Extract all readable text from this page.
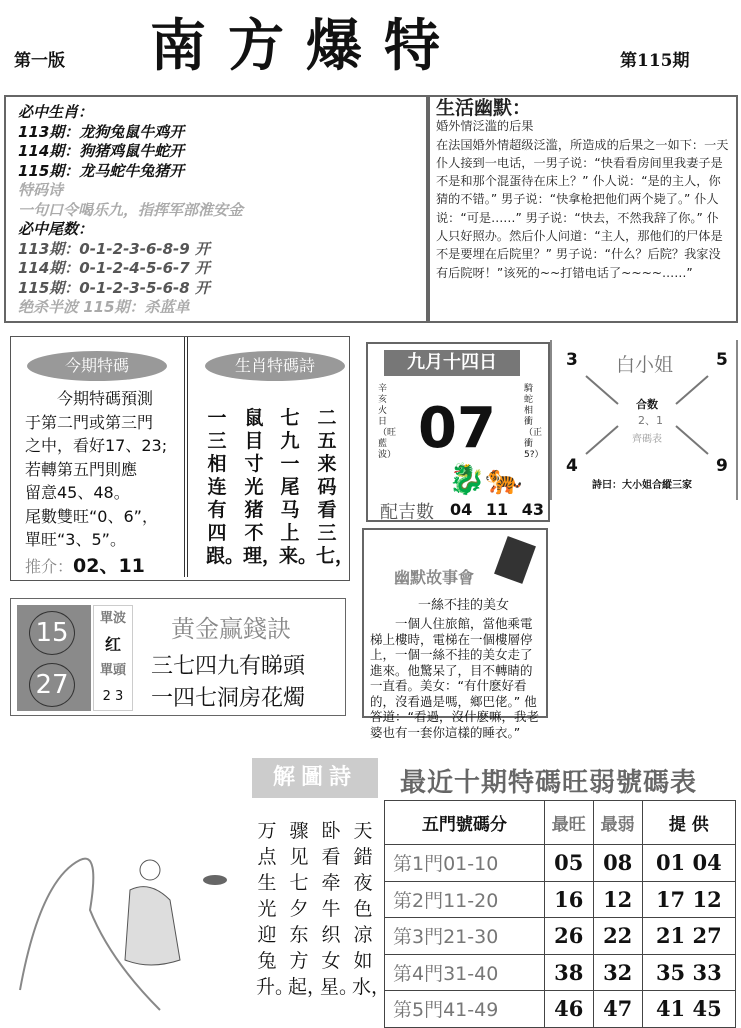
第一版 南方爆特	第115期
必中生肖：
113期：龙狗兔鼠牛鸡开
114期：狗猪鸡鼠牛蛇开
115期：龙马蛇牛兔猪开
特码诗
一句口令喝乐九，指挥军部淮安金
必中尾数：
113期：0-1-2-3-6-8-9 开
114期：0-1-2-4-5-6-7 开
115期：0-1-2-3-5-6-8 开
绝杀半波 115期：杀蓝单
生活幽默：
婚外情泛滥的后果
在法国婚外情超级泛滥，所造成的后果之一如下：一天仆人接到一电话，一男子说：“快看看房间里我妻子是不是和那个混蛋待在床上？” 仆人说：“是的主人，你猜的不错。” 男子说：“快拿枪把他们两个毙了。” 仆人说：“可是……” 男子说：“快去，不然我辞了你。” 仆人只好照办。然后仆人问道：“主人，那他们的尸体是不是要埋在后院里？” 男子说：“什么？后院？我家没有后院呀！”该死的~~打错电话了~~~~……”
今期特碼
今期特碼預測
于第二門或第三門
之中，看好17、23;
若轉第五門則應
留意45、48。
尾數雙旺“0、6”，
單旺“3、5”。
推介：02、11
生肖特碼詩
二五来码看三七，
七九一尾马上来。
鼠目寸光猪不理，
一三相连有四跟。
15
27
單波
红
單頭
2 3
黄金赢錢訣
三七四九有睇頭
一四七洞房花燭
九月十四日
辛亥火日（旺藍波）
騎蛇相衝（正衝5?）
07
🐉🐅
配吉數 04 11 43
幽默故事會
一絲不挂的美女
一個人住旅館，當他乘電梯上樓時，電梯在一個樓層停上，一個一絲不挂的美女走了進來。他驚呆了，目不轉睛的一直看。美女：“有什麽好看的，沒看過是嗎，鄉巴佬。” 他答道：“看過，沒什麽嘛，我老婆也有一套你這樣的睡衣。”
白小姐
3	5
4	9
合数
2、1
齊碼表
詩曰：大小姐合縱三家
解圖詩
天錯夜色凉如水，
卧看牵牛织女星。
骤见七夕东方起，
万点生光迎兔升。
最近十期特碼旺弱號碼表
五門號碼分	最旺	最弱	提 供
第1門01-10	05	08	01 04
第2門11-20	16	12	17 12
第3門21-30	26	22	21 27
第4門31-40	38	32	35 33
第5門41-49	46	47	41 45
